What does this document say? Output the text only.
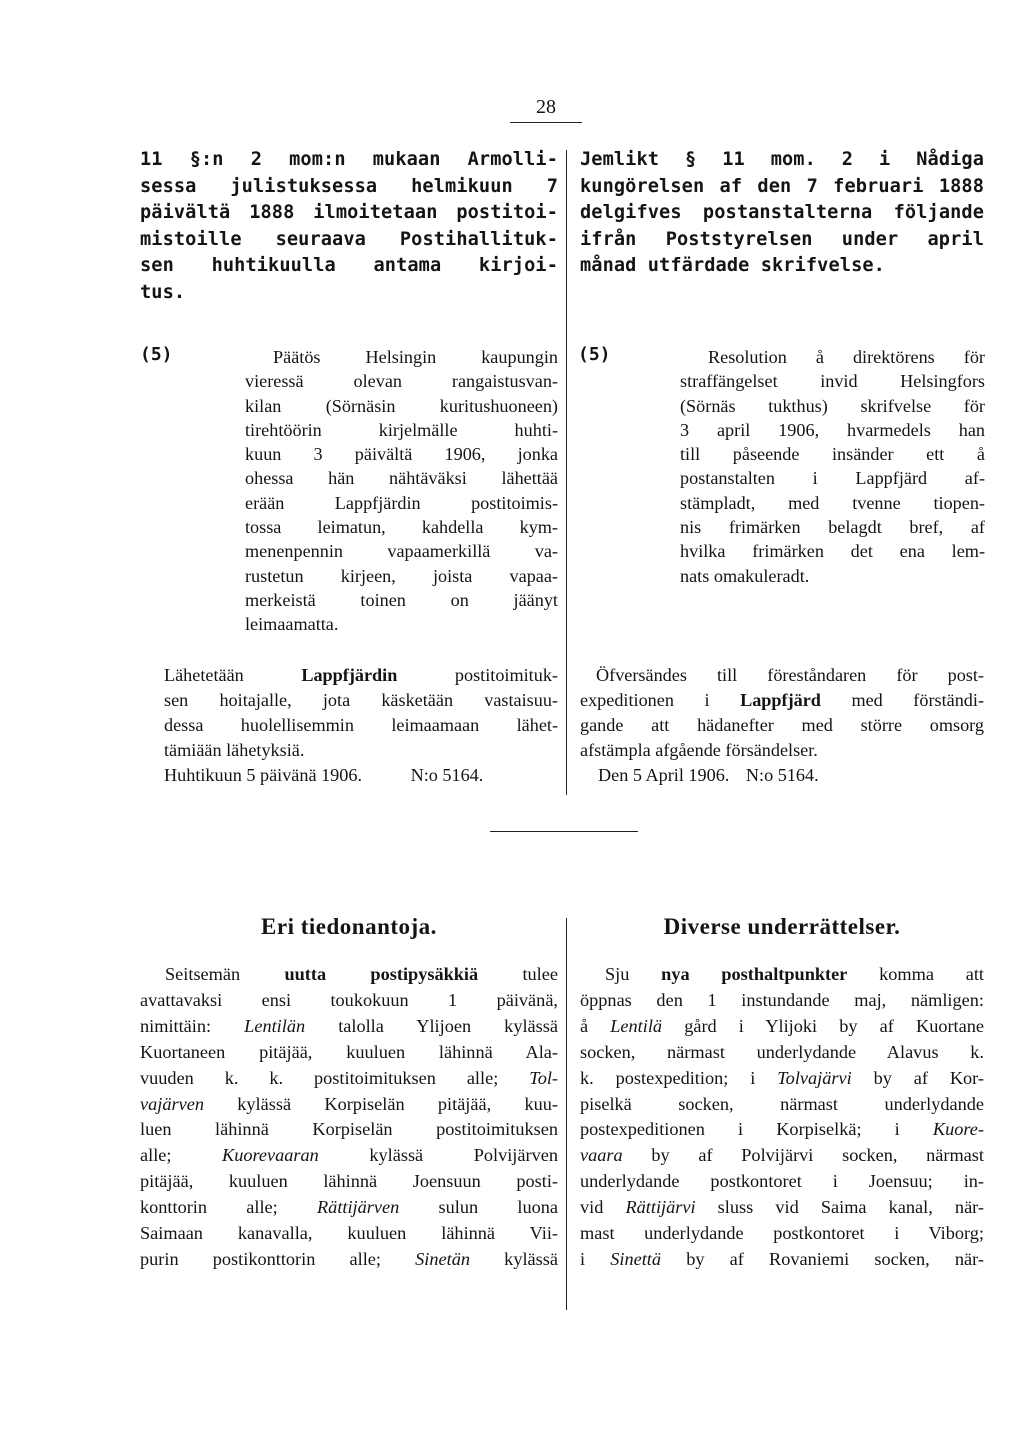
28
11 §:n 2 mom:n mukaan Armolli-
sessa julistuksessa helmikuun 7
päivältä 1888 ilmoitetaan postitoi-
mistoille seuraava Postihallituk-
sen huhtikuulla antama kirjoi-
tus.
Jemlikt § 11 mom. 2 i Nådiga
kungörelsen af den 7 februari 1888
delgifves postanstalterna följande
ifrån Poststyrelsen under april
månad utfärdade skrifvelse.
(5)	(5)
Päätös Helsingin kaupungin
vieressä olevan rangaistusvan-
kilan (Sörnäsin kuritushuoneen)
tirehtöörin kirjelmälle huhti-
kuun 3 päivältä 1906, jonka
ohessa hän nähtäväksi lähettää
erään Lappfjärdin postitoimis-
tossa leimatun, kahdella kym-
menenpennin vapaamerkillä va-
rustetun kirjeen, joista vapaa-
merkeistä toinen on jäänyt
leimaamatta.
Resolution å direktörens för
straffängelset invid Helsingfors
(Sörnäs tukthus) skrifvelse för
3 april 1906, hvarmedels han
till påseende insänder ett å
postanstalten i Lappfjärd af-
stämpladt, med tvenne tiopen-
nis frimärken belagdt bref, af
hvilka frimärken det ena lem-
nats omakuleradt.
Lähetetään Lappfjärdin postitoimituk-
sen hoitajalle, jota käsketään vastaisuu-
dessa huolellisemmin leimaamaan lähet-
tämiään lähetyksiä.
Huhtikuun 5 päivänä 1906.	N:o 5164.
Öfversändes till föreståndaren för post-
expeditionen i Lappfjärd med förständi-
gande att hädanefter med större omsorg
afstämpla afgående försändelser.
Den 5 April 1906. N:o 5164.
Eri tiedonantoja.	Diverse underrättelser.
Seitsemän uutta postipysäkkiä tulee
avattavaksi ensi toukokuun 1 päivänä,
nimittäin: Lentilän talolla Ylijoen kylässä
Kuortaneen pitäjää, kuuluen lähinnä Ala-
vuuden k. k. postitoimituksen alle; Tol-
vajärven kylässä Korpiselän pitäjää, kuu-
luen lähinnä Korpiselän postitoimituksen
alle; Kuorevaaran kylässä Polvijärven
pitäjää, kuuluen lähinnä Joensuun posti-
konttorin alle; Rättijärven sulun luona
Saimaan kanavalla, kuuluen lähinnä Vii-
purin postikonttorin alle; Sinetän kylässä
Sju nya posthaltpunkter komma att
öppnas den 1 instundande maj, nämligen:
å Lentilä gård i Ylijoki by af Kuortane
socken, närmast underlydande Alavus k.
k. postexpedition; i Tolvajärvi by af Kor-
piselkä socken, närmast underlydande
postexpeditionen i Korpiselkä; i Kuore-
vaara by af Polvijärvi socken, närmast
underlydande postkontoret i Joensuu; in-
vid Rättijärvi sluss vid Saima kanal, när-
mast underlydande postkontoret i Viborg;
i Sinettä by af Rovaniemi socken, när-
